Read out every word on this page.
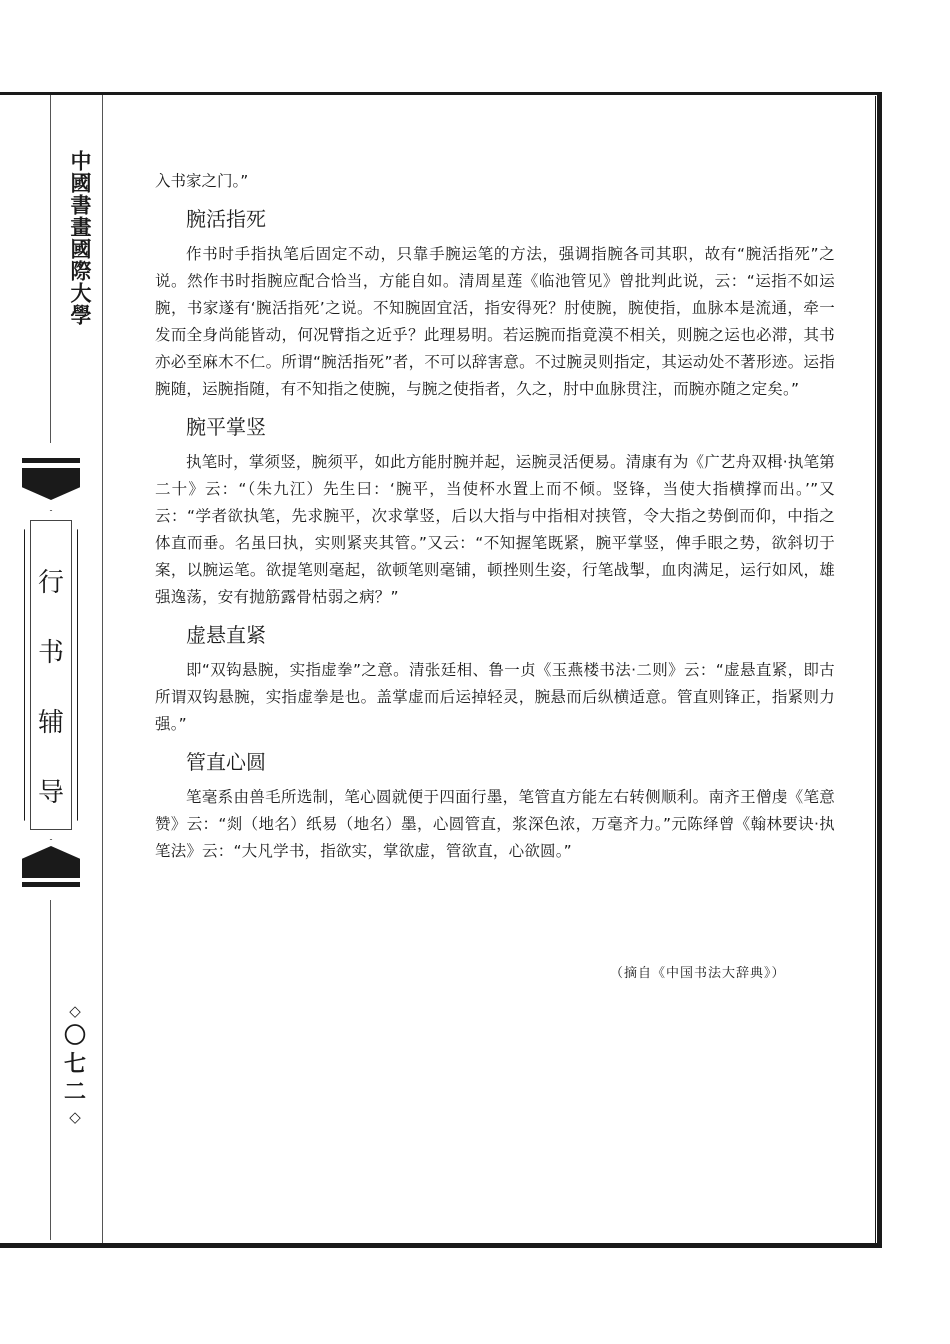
中國書畫國際大學
行
书
辅
导
◇
〇
七
二
◇

入书家之门。”

腕活指死

作书时手指执笔后固定不动，只靠手腕运笔的方法，强调指腕各司其职，故有“腕活指死”之说。然作书时指腕应配合恰当，方能自如。清周星莲《临池管见》曾批判此说，云：“运指不如运腕，书家遂有‘腕活指死’之说。不知腕固宜活，指安得死？肘使腕，腕使指，血脉本是流通，牵一发而全身尚能皆动，何况臂指之近乎？此理易明。若运腕而指竟漠不相关，则腕之运也必滞，其书亦必至麻木不仁。所谓“腕活指死”者，不可以辞害意。不过腕灵则指定，其运动处不著形迹。运指腕随，运腕指随，有不知指之使腕，与腕之使指者，久之，肘中血脉贯注，而腕亦随之定矣。”

腕平掌竖

执笔时，掌须竖，腕须平，如此方能肘腕并起，运腕灵活便易。清康有为《广艺舟双楫·执笔第二十》云：“（朱九江）先生曰：‘腕平，当使杯水置上而不倾。竖锋，当使大指横撑而出。’”又云：“学者欲执笔，先求腕平，次求掌竖，后以大指与中指相对挟管，令大指之势倒而仰，中指之体直而垂。名虽曰执，实则紧夹其管。”又云：“不知握笔既紧，腕平掌竖，俾手眼之势，欲斜切于案，以腕运笔。欲提笔则毫起，欲顿笔则毫铺，顿挫则生姿，行笔战掣，血肉满足，运行如风，雄强逸荡，安有抛筋露骨枯弱之病？”

虚悬直紧

即“双钩悬腕，实指虚拳”之意。清张廷相、鲁一贞《玉燕楼书法·二则》云：“虚悬直紧，即古所谓双钩悬腕，实指虚拳是也。盖掌虚而后运掉轻灵，腕悬而后纵横适意。管直则锋正，指紧则力强。”

管直心圆

笔毫系由兽毛所选制，笔心圆就便于四面行墨，笔管直方能左右转侧顺利。南齐王僧虔《笔意赞》云：“剡（地名）纸易（地名）墨，心圆管直，浆深色浓，万毫齐力。”元陈绎曾《翰林要诀·执笔法》云：“大凡学书，指欲实，掌欲虚，管欲直，心欲圆。”

（摘自《中国书法大辞典》）
